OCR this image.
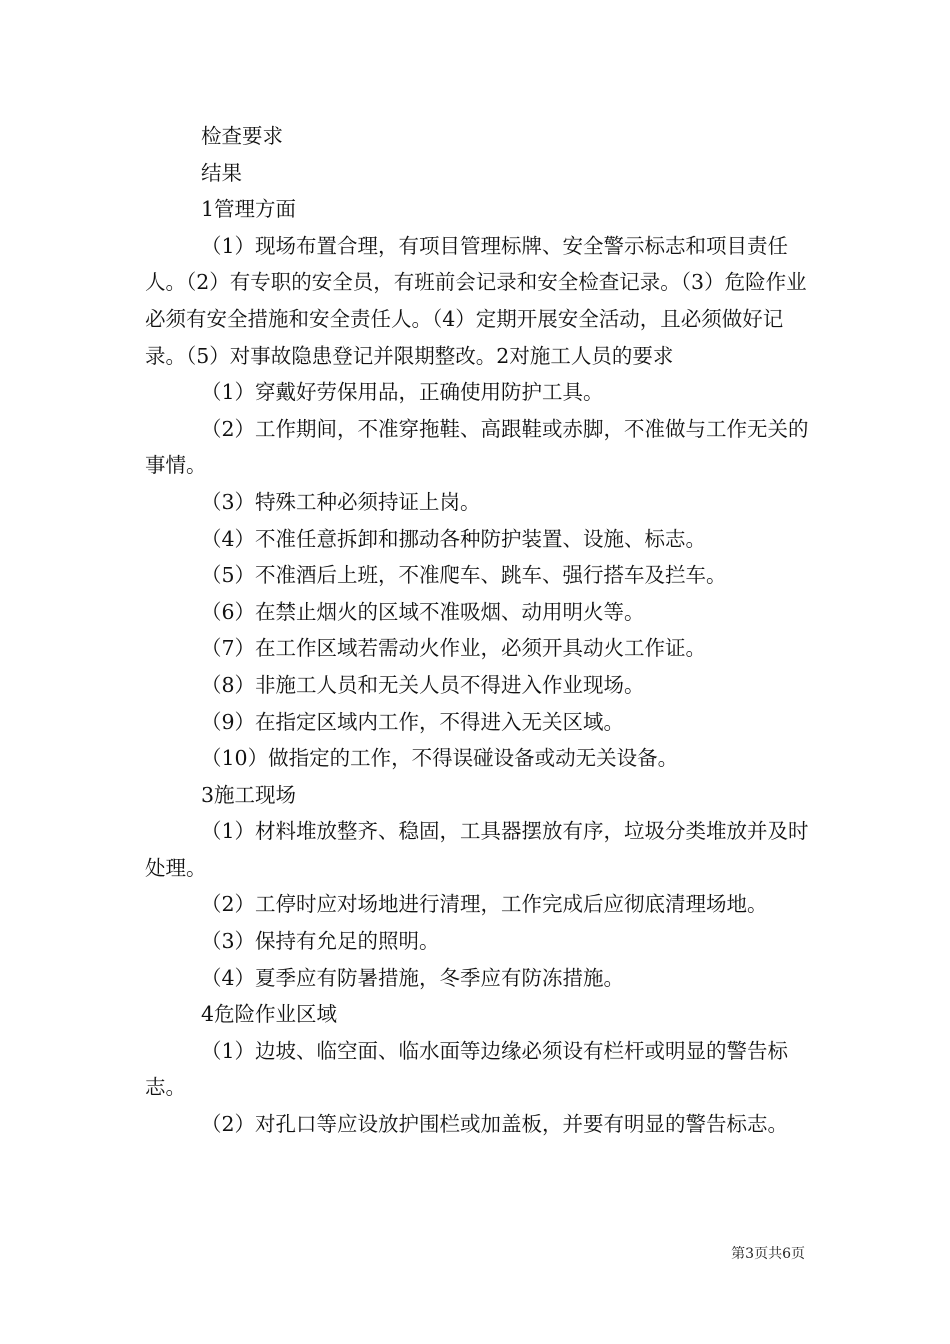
检查要求

结果

1管理方面

（1）现场布置合理，有项目管理标牌、安全警示标志和项目责任人。（2）有专职的安全员，有班前会记录和安全检查记录。（3）危险作业必须有安全措施和安全责任人。（4）定期开展安全活动，且必须做好记录。（5）对事故隐患登记并限期整改。2对施工人员的要求

（1）穿戴好劳保用品，正确使用防护工具。

（2）工作期间，不准穿拖鞋、高跟鞋或赤脚，不准做与工作无关的事情。

（3）特殊工种必须持证上岗。

（4）不准任意拆卸和挪动各种防护装置、设施、标志。

（5）不准酒后上班，不准爬车、跳车、强行搭车及拦车。

（6）在禁止烟火的区域不准吸烟、动用明火等。

（7）在工作区域若需动火作业，必须开具动火工作证。

（8）非施工人员和无关人员不得进入作业现场。

（9）在指定区域内工作，不得进入无关区域。

（10）做指定的工作，不得误碰设备或动无关设备。

3施工现场

（1）材料堆放整齐、稳固，工具器摆放有序，垃圾分类堆放并及时处理。

（2）工停时应对场地进行清理，工作完成后应彻底清理场地。

（3）保持有允足的照明。

（4）夏季应有防暑措施，冬季应有防冻措施。

4危险作业区域

（1）边坡、临空面、临水面等边缘必须设有栏杆或明显的警告标志。

（2）对孔口等应设放护围栏或加盖板，并要有明显的警告标志。

第3页共6页
